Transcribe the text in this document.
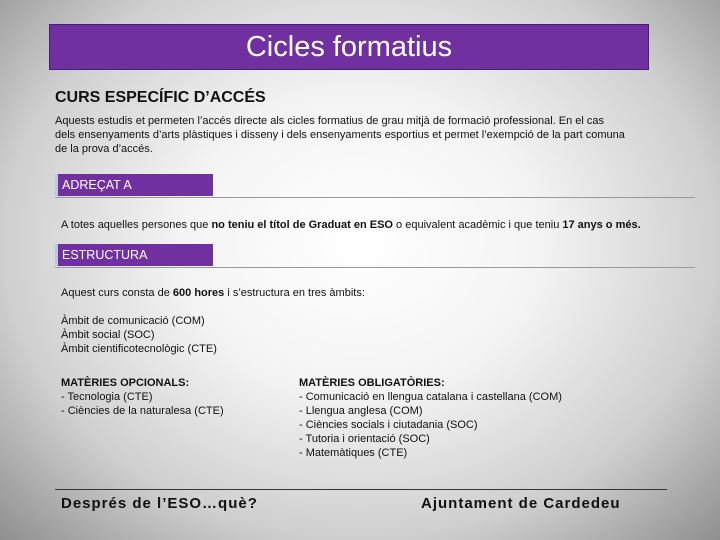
Cicles formatius
CURS ESPECÍFIC D’ACCÉS
Aquests estudis et permeten l’accés directe als cicles formatius de grau mitjà de formació professional. En el cas
dels ensenyaments d’arts plàstiques i disseny i dels ensenyaments esportius et permet l’exempció de la part comuna
de la prova d’accés.
ADREÇAT A
A totes aquelles persones que no teniu el títol de Graduat en ESO o equivalent acadèmic i que teniu 17 anys o més.
ESTRUCTURA
Aquest curs consta de 600 hores i s’estructura en tres àmbits:
Àmbit de comunicació (COM)
Àmbit social (SOC)
Àmbit cientificotecnològic (CTE)
MATÈRIES OPCIONALS:
- Tecnologia (CTE)
- Ciències de la naturalesa (CTE)
MATÈRIES OBLIGATÒRIES:
- Comunicació en llengua catalana i castellana (COM)
- Llengua anglesa (COM)
- Ciències socials i ciutadania (SOC)
- Tutoria i orientació (SOC)
- Matemàtiques (CTE)
Després de l’ESO…què?	Ajuntament de Cardedeu
